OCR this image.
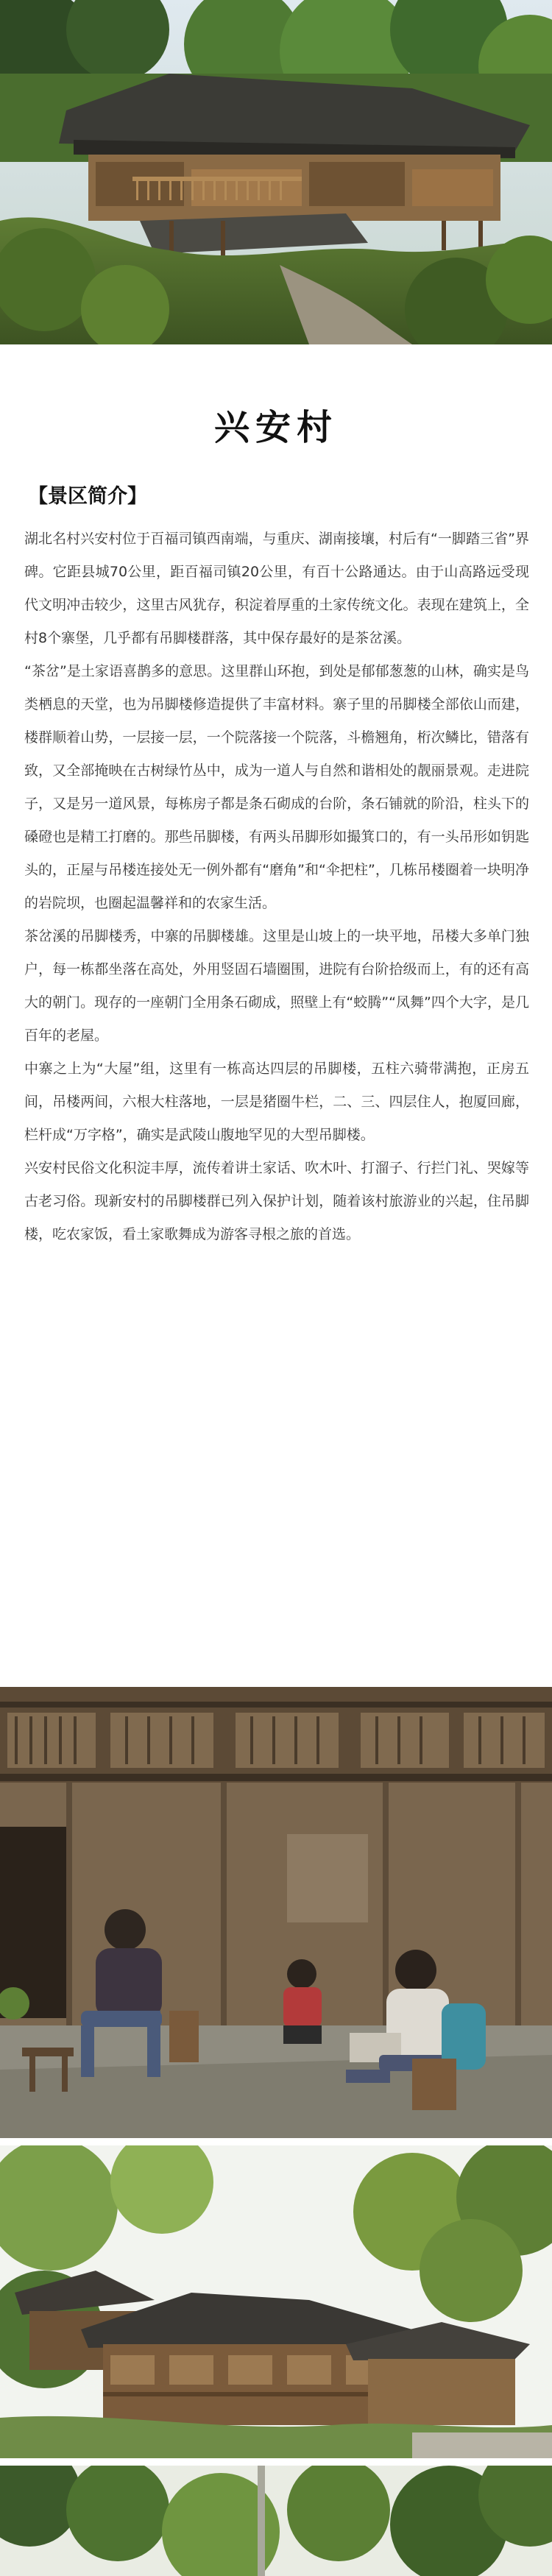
兴安村
【景区简介】

湖北名村兴安村位于百福司镇西南端，与重庆、湖南接壤，村后有“一脚踏三省”界碑。它距县城70公里，距百福司镇20公里，有百十公路通达。由于山高路远受现代文明冲击较少，这里古风犹存，积淀着厚重的土家传统文化。表现在建筑上，全村8个寨堡，几乎都有吊脚楼群落，其中保存最好的是茶岔溪。

“茶岔”是土家语喜鹊多的意思。这里群山环抱，到处是郁郁葱葱的山林，确实是鸟类栖息的天堂，也为吊脚楼修造提供了丰富材料。寨子里的吊脚楼全部依山而建，楼群顺着山势，一层接一层，一个院落接一个院落，斗檐翘角，桁次鳞比，错落有致，又全部掩映在古树绿竹丛中，成为一道人与自然和谐相处的靓丽景观。走进院子，又是另一道风景，每栋房子都是条石砌成的台阶，条石铺就的阶沿，柱头下的磉磴也是精工打磨的。那些吊脚楼，有两头吊脚形如撮箕口的，有一头吊形如钥匙头的，正屋与吊楼连接处无一例外都有“磨角”和“伞把柱”，几栋吊楼圈着一块明净的岩院坝，也圈起温馨祥和的农家生活。

茶岔溪的吊脚楼秀，中寨的吊脚楼雄。这里是山坡上的一块平地，吊楼大多单门独户，每一栋都坐落在高处，外用竖固石墙圈围，进院有台阶拾级而上，有的还有高大的朝门。现存的一座朝门全用条石砌成，照壁上有“蛟腾”“凤舞”四个大字，是几百年的老屋。

中寨之上为“大屋”组，这里有一栋高达四层的吊脚楼，五柱六骑带满抱，正房五间，吊楼两间，六根大柱落地，一层是猪圈牛栏，二、三、四层住人，抱厦回廊，栏杆成“万字格”，确实是武陵山腹地罕见的大型吊脚楼。

兴安村民俗文化积淀丰厚，流传着讲土家话、吹木叶、打溜子、行拦门礼、哭嫁等古老习俗。现新安村的吊脚楼群已列入保护计划，随着该村旅游业的兴起，住吊脚楼，吃农家饭，看土家歌舞成为游客寻根之旅的首选。
